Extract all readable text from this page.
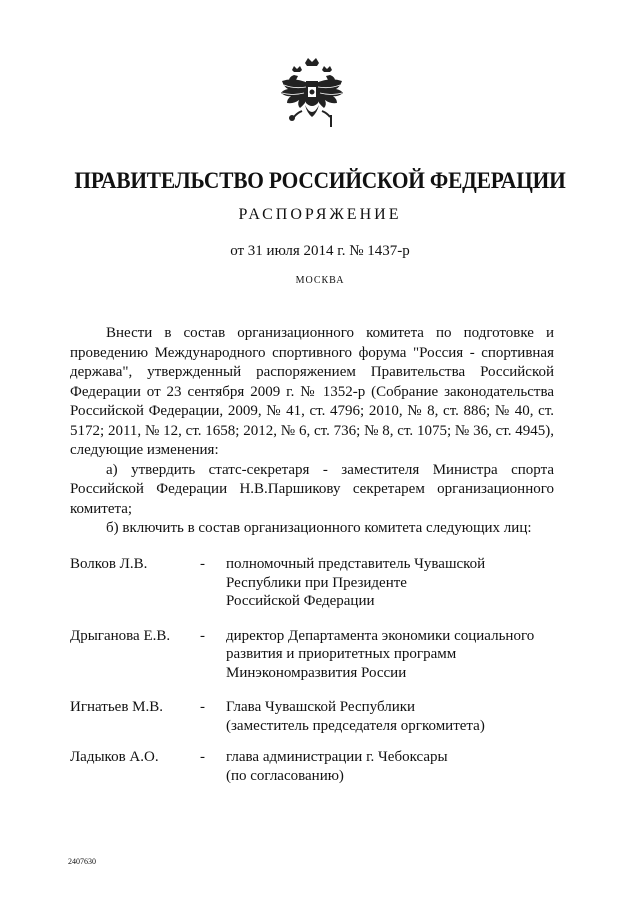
ПРАВИТЕЛЬСТВО РОССИЙСКОЙ ФЕДЕРАЦИИ
РАСПОРЯЖЕНИЕ
от 31 июля 2014 г. № 1437-р
МОСКВА

Внести в состав организационного комитета по подготовке и проведению Международного спортивного форума "Россия - спортивная держава", утвержденный распоряжением Правительства Российской Федерации от 23 сентября 2009 г. № 1352-р (Собрание законодательства Российской Федерации, 2009, № 41, ст. 4796; 2010, № 8, ст. 886; № 40, ст. 5172; 2011, № 12, ст. 1658; 2012, № 6, ст. 736; № 8, ст. 1075; № 36, ст. 4945), следующие изменения:

а) утвердить статс-секретаря - заместителя Министра спорта Российской Федерации Н.В.Паршикову секретарем организационного комитета;

б) включить в состав организационного комитета следующих лиц:

Волков Л.В.	-	полномочный представитель Чувашской
Республики при Президенте
Российской Федерации
Дрыганова Е.В.	-	директор Департамента экономики социального
развития и приоритетных программ
Минэкономразвития России
Игнатьев М.В.	-	Глава Чувашской Республики
(заместитель председателя оргкомитета)
Ладыков А.О.	-	глава администрации г. Чебоксары
(по согласованию)
2407630
